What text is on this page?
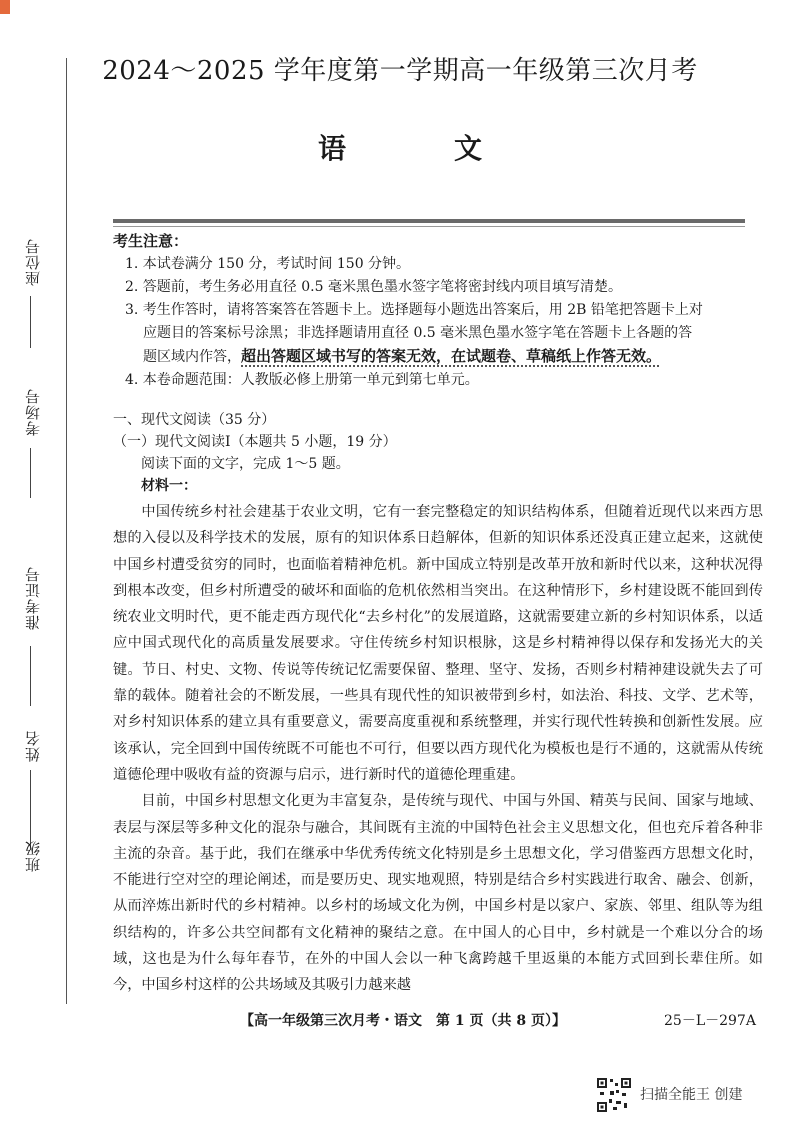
座位号
考场号
准考证号
姓名
班级
2024～2025 学年度第一学期高一年级第三次月考
语　文
考生注意：
1. 本试卷满分 150 分，考试时间 150 分钟。
2. 答题前，考生务必用直径 0.5 毫米黑色墨水签字笔将密封线内项目填写清楚。
3. 考生作答时，请将答案答在答题卡上。选择题每小题选出答案后，用 2B 铅笔把答题卡上对
应题目的答案标号涂黑；非选择题请用直径 0.5 毫米黑色墨水签字笔在答题卡上各题的答
题区域内作答，超出答题区域书写的答案无效，在试题卷、草稿纸上作答无效。
4. 本卷命题范围：人教版必修上册第一单元到第七单元。
一、现代文阅读（35 分）
（一）现代文阅读Ⅰ（本题共 5 小题，19 分）
阅读下面的文字，完成 1～5 题。
材料一：

中国传统乡村社会建基于农业文明，它有一套完整稳定的知识结构体系，但随着近现代以来西方思想的入侵以及科学技术的发展，原有的知识体系日趋解体，但新的知识体系还没真正建立起来，这就使中国乡村遭受贫穷的同时，也面临着精神危机。新中国成立特别是改革开放和新时代以来，这种状况得到根本改变，但乡村所遭受的破坏和面临的危机依然相当突出。在这种情形下，乡村建设既不能回到传统农业文明时代，更不能走西方现代化“去乡村化”的发展道路，这就需要建立新的乡村知识体系，以适应中国式现代化的高质量发展要求。守住传统乡村知识根脉，这是乡村精神得以保存和发扬光大的关键。节日、村史、文物、传说等传统记忆需要保留、整理、坚守、发扬，否则乡村精神建设就失去了可靠的载体。随着社会的不断发展，一些具有现代性的知识被带到乡村，如法治、科技、文学、艺术等，对乡村知识体系的建立具有重要意义，需要高度重视和系统整理，并实行现代性转换和创新性发展。应该承认，完全回到中国传统既不可能也不可行，但要以西方现代化为模板也是行不通的，这就需从传统道德伦理中吸收有益的资源与启示，进行新时代的道德伦理重建。

目前，中国乡村思想文化更为丰富复杂，是传统与现代、中国与外国、精英与民间、国家与地域、表层与深层等多种文化的混杂与融合，其间既有主流的中国特色社会主义思想文化，但也充斥着各种非主流的杂音。基于此，我们在继承中华优秀传统文化特别是乡土思想文化，学习借鉴西方思想文化时，不能进行空对空的理论阐述，而是要历史、现实地观照，特别是结合乡村实践进行取舍、融会、创新，从而淬炼出新时代的乡村精神。以乡村的场域文化为例，中国乡村是以家户、家族、邻里、组队等为组织结构的，许多公共空间都有文化精神的聚结之意。在中国人的心目中，乡村就是一个难以分合的场域，这也是为什么每年春节，在外的中国人会以一种飞禽跨越千里返巢的本能方式回到长辈住所。如今，中国乡村这样的公共场域及其吸引力越来越

【高一年级第三次月考・语文　第 1 页（共 8 页）】	25－L－297A
扫描全能王 创建
